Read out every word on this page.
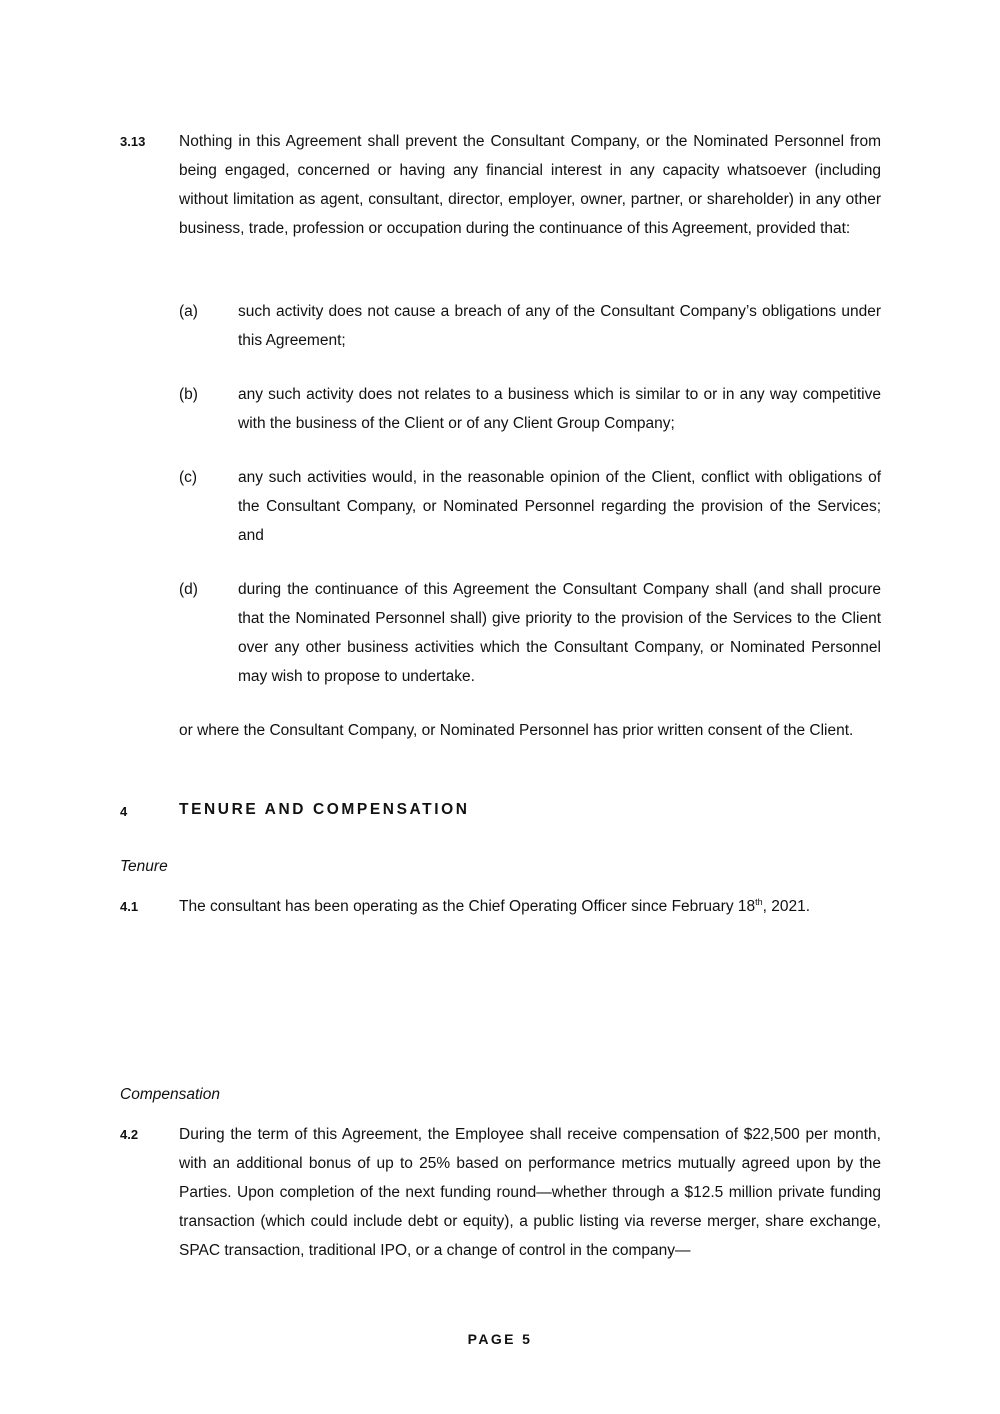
3.13 Nothing in this Agreement shall prevent the Consultant Company, or the Nominated Personnel from being engaged, concerned or having any financial interest in any capacity whatsoever (including without limitation as agent, consultant, director, employer, owner, partner, or shareholder) in any other business, trade, profession or occupation during the continuance of this Agreement, provided that:
(a)	such activity does not cause a breach of any of the Consultant Company’s obligations under this Agreement;
(b)	any such activity does not relates to a business which is similar to or in any way competitive with the business of the Client or of any Client Group Company;
(c)	any such activities would, in the reasonable opinion of the Client, conflict with obligations of the Consultant Company, or Nominated Personnel regarding the provision of the Services; and
(d)	during the continuance of this Agreement the Consultant Company shall (and shall procure that the Nominated Personnel shall) give priority to the provision of the Services to the Client over any other business activities which the Consultant Company, or Nominated Personnel may wish to propose to undertake.
or where the Consultant Company, or Nominated Personnel has prior written consent of the Client.
4	TENURE AND COMPENSATION
Tenure
4.1	The consultant has been operating as the Chief Operating Officer since February 18th, 2021.
Compensation
4.2	During the term of this Agreement, the Employee shall receive compensation of $22,500 per month, with an additional bonus of up to 25% based on performance metrics mutually agreed upon by the Parties. Upon completion of the next funding round—whether through a $12.5 million private funding transaction (which could include debt or equity), a public listing via reverse merger, share exchange, SPAC transaction, traditional IPO, or a change of control in the company—
PAGE 5
